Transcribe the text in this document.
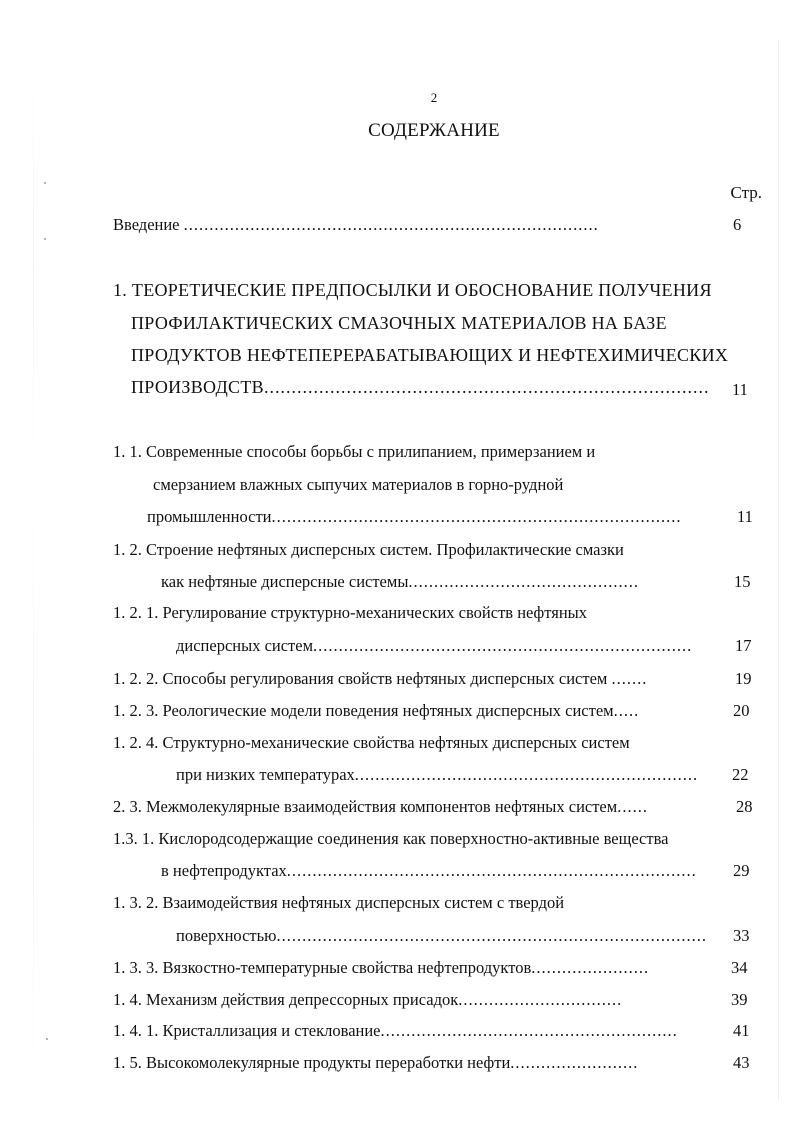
2
СОДЕРЖАНИЕ
Стр.
Введение .................................................................................	6
1. ТЕОРЕТИЧЕСКИЕ ПРЕДПОСЫЛКИ И ОБОСНОВАНИЕ ПОЛУЧЕНИЯ
ПРОФИЛАКТИЧЕСКИХ СМАЗОЧНЫХ МАТЕРИАЛОВ НА БАЗЕ
ПРОДУКТОВ НЕФТЕПЕРЕРАБАТЫВАЮЩИХ И НЕФТЕХИМИЧЕСКИХ
ПРОИЗВОДСТВ.................................................................................	11
1. 1. Современные способы борьбы с прилипанием, примерзанием и
смерзанием влажных сыпучих материалов в горно-рудной
промышленности................................................................................	11
1. 2. Строение нефтяных дисперсных систем. Профилактические смазки
как нефтяные дисперсные системы.............................................	15
1. 2. 1. Регулирование структурно-механических свойств нефтяных
дисперсных систем..........................................................................	17
1. 2. 2. Способы регулирования свойств нефтяных дисперсных систем .......	19
1. 2. 3. Реологические модели поведения нефтяных дисперсных систем.....	20
1. 2. 4. Структурно-механические свойства нефтяных дисперсных систем
при низких температурах...................................................................	22
2. 3. Межмолекулярные взаимодействия компонентов нефтяных систем......	28
1.3. 1. Кислородсодержащие соединения как поверхностно-активные вещества
в нефтепродуктах................................................................................	29
1. 3. 2. Взаимодействия нефтяных дисперсных систем с твердой
поверхностью....................................................................................	33
1. 3. 3. Вязкостно-температурные свойства нефтепродуктов.......................	34
1. 4. Механизм действия депрессорных присадок................................	39
1. 4. 1. Кристаллизация и стеклование..........................................................	41
1. 5. Высокомолекулярные продукты переработки нефти.........................	43
